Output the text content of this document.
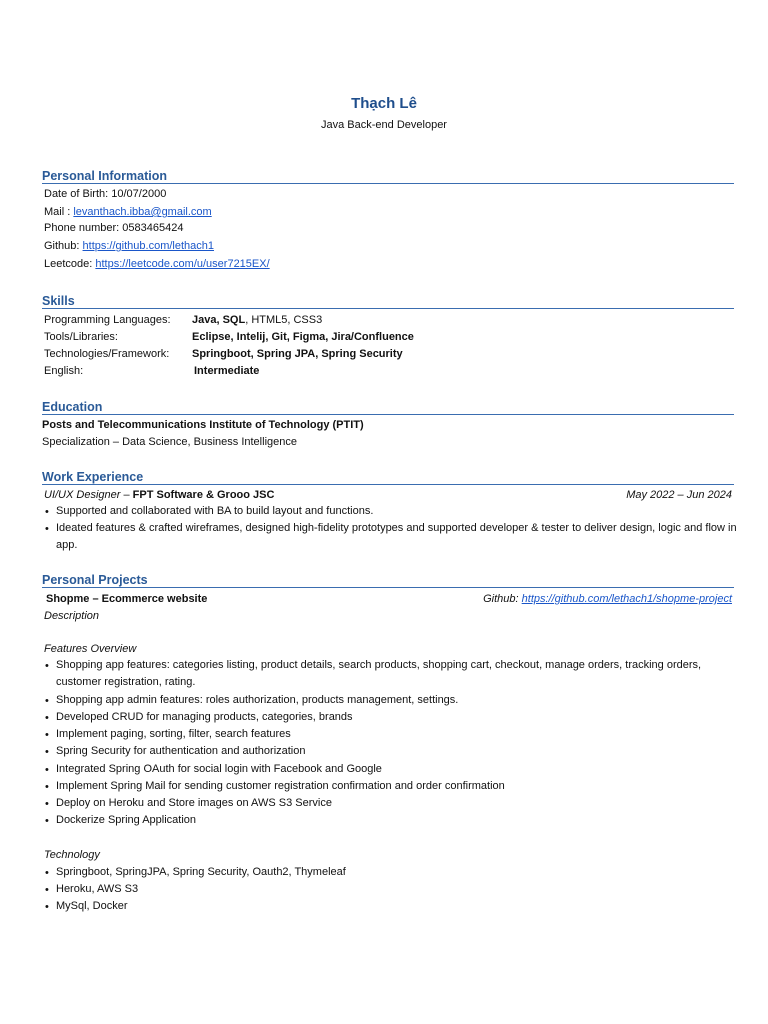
Thạch Lê
Java Back-end Developer
Personal Information
Date of Birth: 10/07/2000
Mail : levanthach.ibba@gmail.com
Phone number: 0583465424
Github: https://github.com/lethach1
Leetcode: https://leetcode.com/u/user7215EX/
Skills
Programming Languages: Java, SQL, HTML5, CSS3
Tools/Libraries:	Eclipse, Intelij, Git, Figma, Jira/Confluence
Technologies/Framework: Springboot, Spring JPA, Spring Security
English:	Intermediate
Education
Posts and Telecommunications Institute of Technology (PTIT)
Specialization – Data Science, Business Intelligence
Work Experience
UI/UX Designer – FPT Software & Grooo JSC	May 2022 – Jun 2024
• Supported and collaborated with BA to build layout and functions.
• Ideated features & crafted wireframes, designed high-fidelity prototypes and supported developer & tester to deliver design, logic and flow in app.
Personal Projects
Shopme – Ecommerce website	Github: https://github.com/lethach1/shopme-project
Description
Features Overview
• Shopping app features: categories listing, product details, search products, shopping cart, checkout, manage orders, tracking orders, customer registration, rating.
• Shopping app admin features: roles authorization, products management, settings.
• Developed CRUD for managing products, categories, brands
• Implement paging, sorting, filter, search features
• Spring Security for authentication and authorization
• Integrated Spring OAuth for social login with Facebook and Google
• Implement Spring Mail for sending customer registration confirmation and order confirmation
• Deploy on Heroku and Store images on AWS S3 Service
• Dockerize Spring Application
Technology
• Springboot, SpringJPA, Spring Security, Oauth2, Thymeleaf
• Heroku, AWS S3
• MySql, Docker
